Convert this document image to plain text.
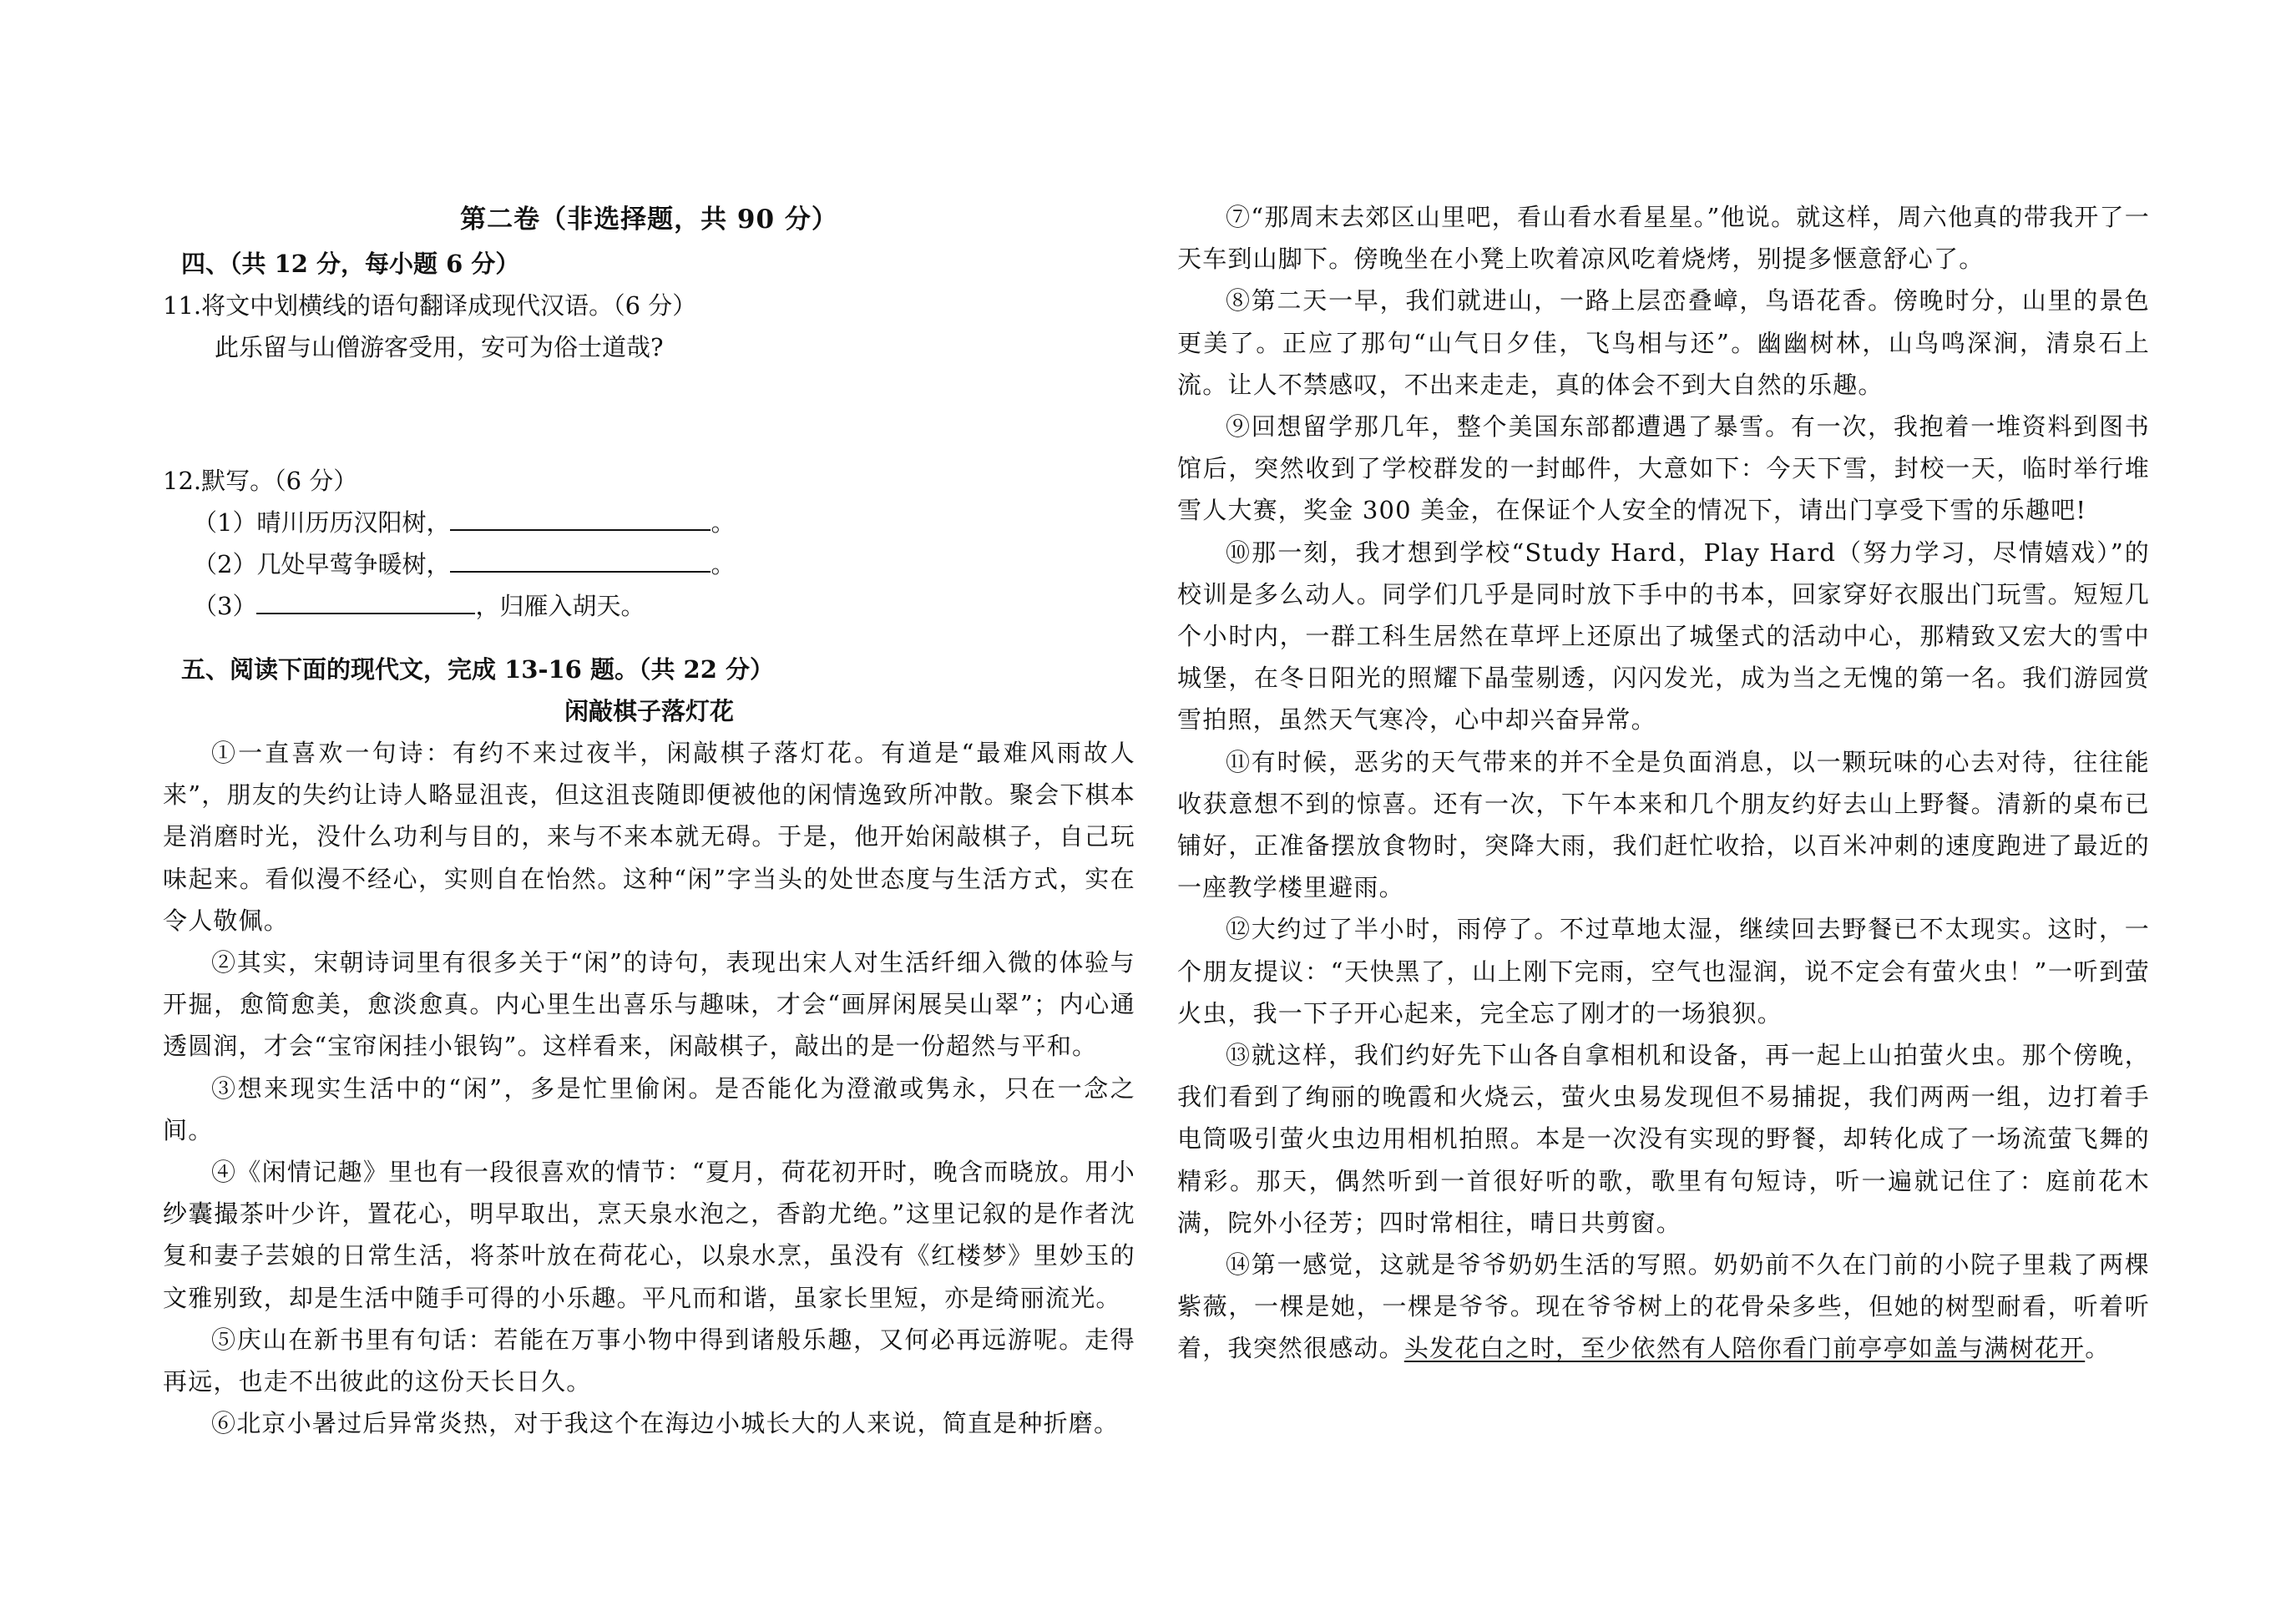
第二卷（非选择题，共 90 分）

四、（共 12 分，每小题 6 分）

11.将文中划横线的语句翻译成现代汉语。（6 分）

此乐留与山僧游客受用，安可为俗士道哉?

12.默写。（6 分）

（1）晴川历历汉阳树，	。

（2）几处早莺争暖树，	。

（3）	，归雁入胡天。

五、阅读下面的现代文，完成 13-16 题。（共 22 分）

闲敲棋子落灯花

①一直喜欢一句诗：有约不来过夜半，闲敲棋子落灯花。有道是“最难风雨故人来”，朋友的失约让诗人略显沮丧，但这沮丧随即便被他的闲情逸致所冲散。聚会下棋本是消磨时光，没什么功利与目的，来与不来本就无碍。于是，他开始闲敲棋子，自己玩味起来。看似漫不经心，实则自在怡然。这种“闲”字当头的处世态度与生活方式，实在令人敬佩。

②其实，宋朝诗词里有很多关于“闲”的诗句，表现出宋人对生活纤细入微的体验与开掘，愈简愈美，愈淡愈真。内心里生出喜乐与趣味，才会“画屏闲展吴山翠”；内心通透圆润，才会“宝帘闲挂小银钩”。这样看来，闲敲棋子，敲出的是一份超然与平和。

③想来现实生活中的“闲”，多是忙里偷闲。是否能化为澄澈或隽永，只在一念之间。

④《闲情记趣》里也有一段很喜欢的情节：“夏月，荷花初开时，晚含而晓放。用小纱囊撮茶叶少许，置花心，明早取出，烹天泉水泡之，香韵尤绝。”这里记叙的是作者沈复和妻子芸娘的日常生活，将茶叶放在荷花心，以泉水烹，虽没有《红楼梦》里妙玉的文雅别致，却是生活中随手可得的小乐趣。平凡而和谐，虽家长里短，亦是绮丽流光。

⑤庆山在新书里有句话：若能在万事小物中得到诸般乐趣，又何必再远游呢。走得再远，也走不出彼此的这份天长日久。

⑥北京小暑过后异常炎热，对于我这个在海边小城长大的人来说，简直是种折磨。

⑦“那周末去郊区山里吧，看山看水看星星。”他说。就这样，周六他真的带我开了一天车到山脚下。傍晚坐在小凳上吹着凉风吃着烧烤，别提多惬意舒心了。

⑧第二天一早，我们就进山，一路上层峦叠嶂，鸟语花香。傍晚时分，山里的景色更美了。正应了那句“山气日夕佳，飞鸟相与还”。幽幽树林，山鸟鸣深涧，清泉石上流。让人不禁感叹，不出来走走，真的体会不到大自然的乐趣。

⑨回想留学那几年，整个美国东部都遭遇了暴雪。有一次，我抱着一堆资料到图书馆后，突然收到了学校群发的一封邮件，大意如下：今天下雪，封校一天，临时举行堆雪人大赛，奖金 300 美金，在保证个人安全的情况下，请出门享受下雪的乐趣吧!

⑩那一刻，我才想到学校“Study Hard，Play Hard（努力学习，尽情嬉戏）”的校训是多么动人。同学们几乎是同时放下手中的书本，回家穿好衣服出门玩雪。短短几个小时内，一群工科生居然在草坪上还原出了城堡式的活动中心，那精致又宏大的雪中城堡，在冬日阳光的照耀下晶莹剔透，闪闪发光，成为当之无愧的第一名。我们游园赏雪拍照，虽然天气寒冷，心中却兴奋异常。

⑪有时候，恶劣的天气带来的并不全是负面消息，以一颗玩味的心去对待，往往能收获意想不到的惊喜。还有一次，下午本来和几个朋友约好去山上野餐。清新的桌布已铺好，正准备摆放食物时，突降大雨，我们赶忙收拾，以百米冲刺的速度跑进了最近的一座教学楼里避雨。

⑫大约过了半小时，雨停了。不过草地太湿，继续回去野餐已不太现实。这时，一个朋友提议：“天快黑了，山上刚下完雨，空气也湿润，说不定会有萤火虫！”一听到萤火虫，我一下子开心起来，完全忘了刚才的一场狼狈。

⑬就这样，我们约好先下山各自拿相机和设备，再一起上山拍萤火虫。那个傍晚，我们看到了绚丽的晚霞和火烧云，萤火虫易发现但不易捕捉，我们两两一组，边打着手电筒吸引萤火虫边用相机拍照。本是一次没有实现的野餐，却转化成了一场流萤飞舞的精彩。那天，偶然听到一首很好听的歌，歌里有句短诗，听一遍就记住了：庭前花木满，院外小径芳；四时常相往，晴日共剪窗。

⑭第一感觉，这就是爷爷奶奶生活的写照。奶奶前不久在门前的小院子里栽了两棵紫薇，一棵是她，一棵是爷爷。现在爷爷树上的花骨朵多些，但她的树型耐看，听着听着，我突然很感动。头发花白之时，至少依然有人陪你看门前亭亭如盖与满树花开。
